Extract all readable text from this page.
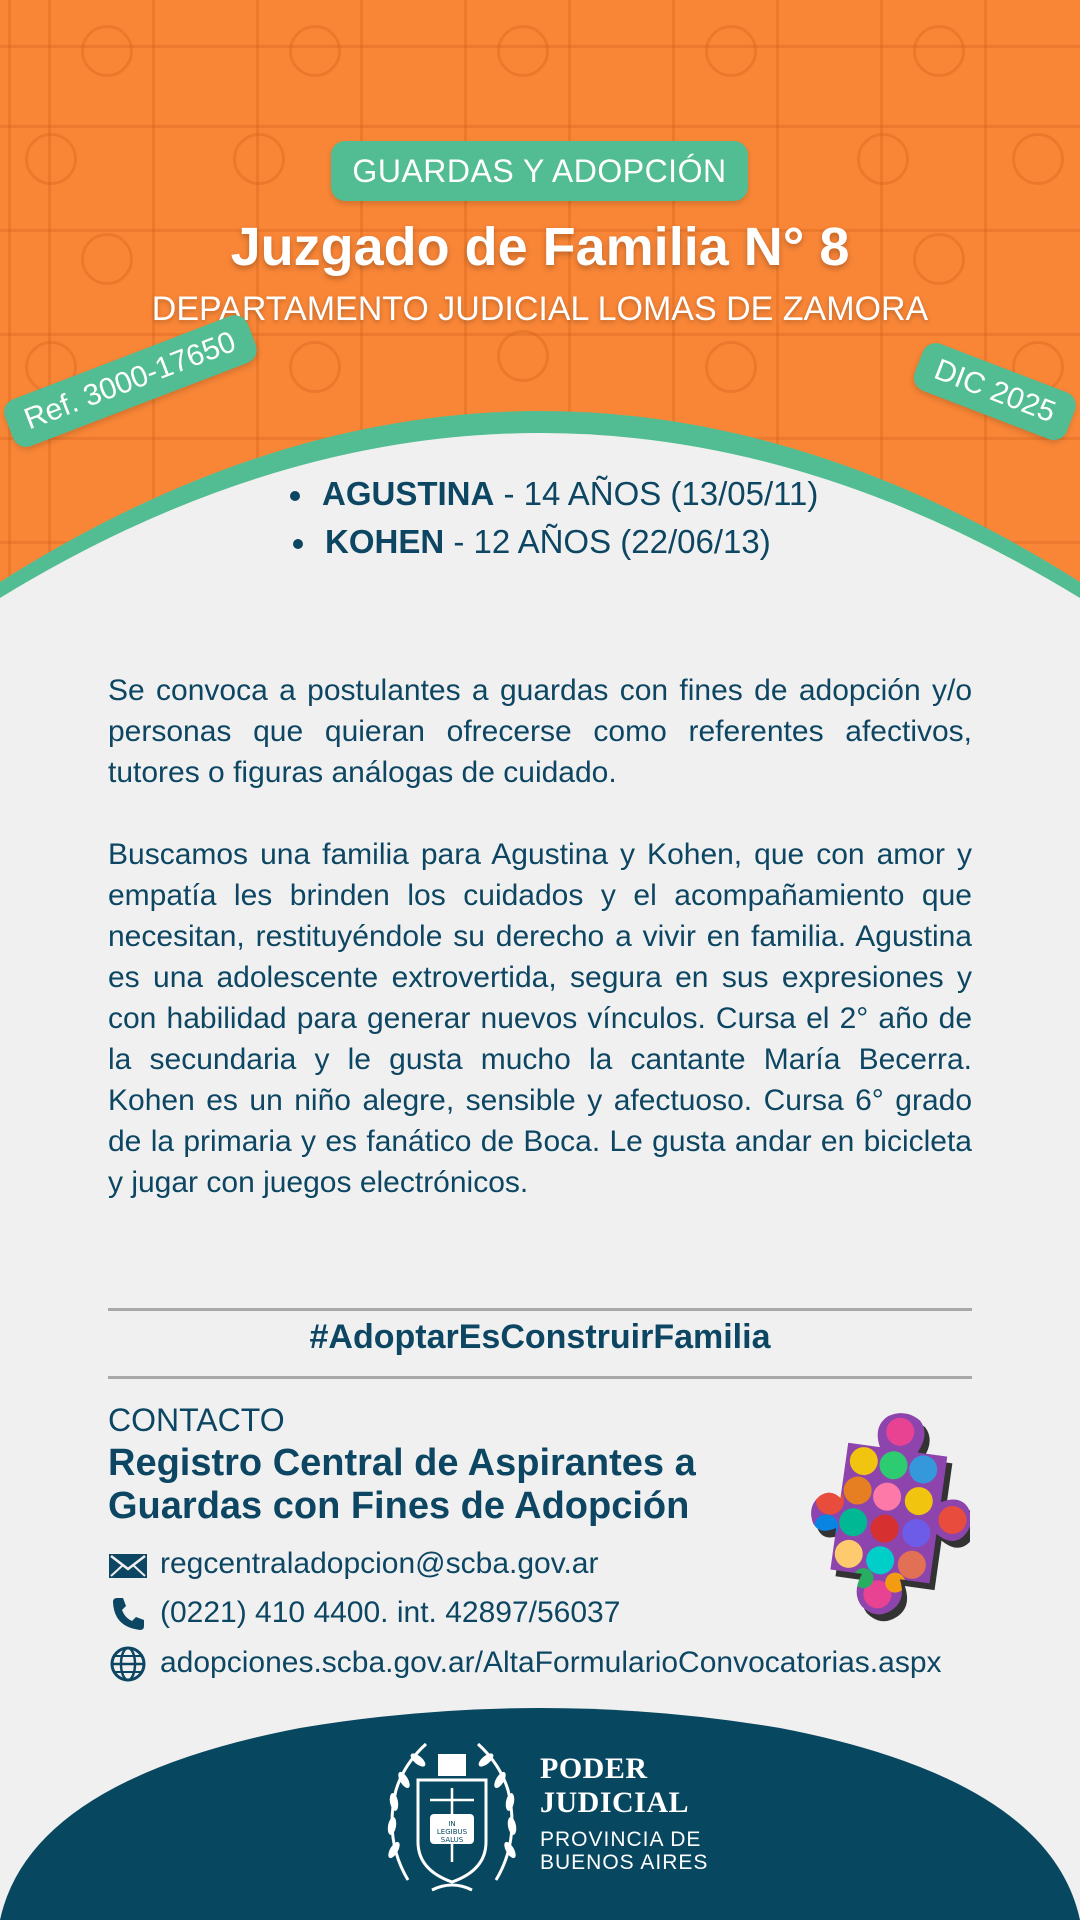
GUARDAS Y ADOPCIÓN
Juzgado de Familia N° 8
DEPARTAMENTO JUDICIAL LOMAS DE ZAMORA
Ref. 3000-17650	DIC 2025
AGUSTINA - 14 AÑOS (13/05/11)
KOHEN - 12 AÑOS (22/06/13)
Se convoca a postulantes a guardas con fines de adopción y/o personas que quieran ofrecerse como referentes afectivos, tutores o figuras análogas de cuidado.
Buscamos una familia para Agustina y Kohen, que con amor y empatía les brinden los cuidados y el acompañamiento que necesitan, restituyéndole su derecho a vivir en familia. Agustina es una adolescente extrovertida, segura en sus expresiones y con habilidad para generar nuevos vínculos. Cursa el 2° año de la secundaria y le gusta mucho la cantante María Becerra. Kohen es un niño alegre, sensible y afectuoso. Cursa 6° grado de la primaria y es fanático de Boca. Le gusta andar en bicicleta y jugar con juegos electrónicos.
#AdoptarEsConstruirFamilia
CONTACTO
Registro Central de Aspirantes a Guardas con Fines de Adopción
regcentraladopcion@scba.gov.ar
(0221) 410 4400. int. 42897/56037
adopciones.scba.gov.ar/AltaFormularioConvocatorias.aspx
IN
LEGIBUS
SALUS
PODER
JUDICIAL
PROVINCIA DE
BUENOS AIRES
